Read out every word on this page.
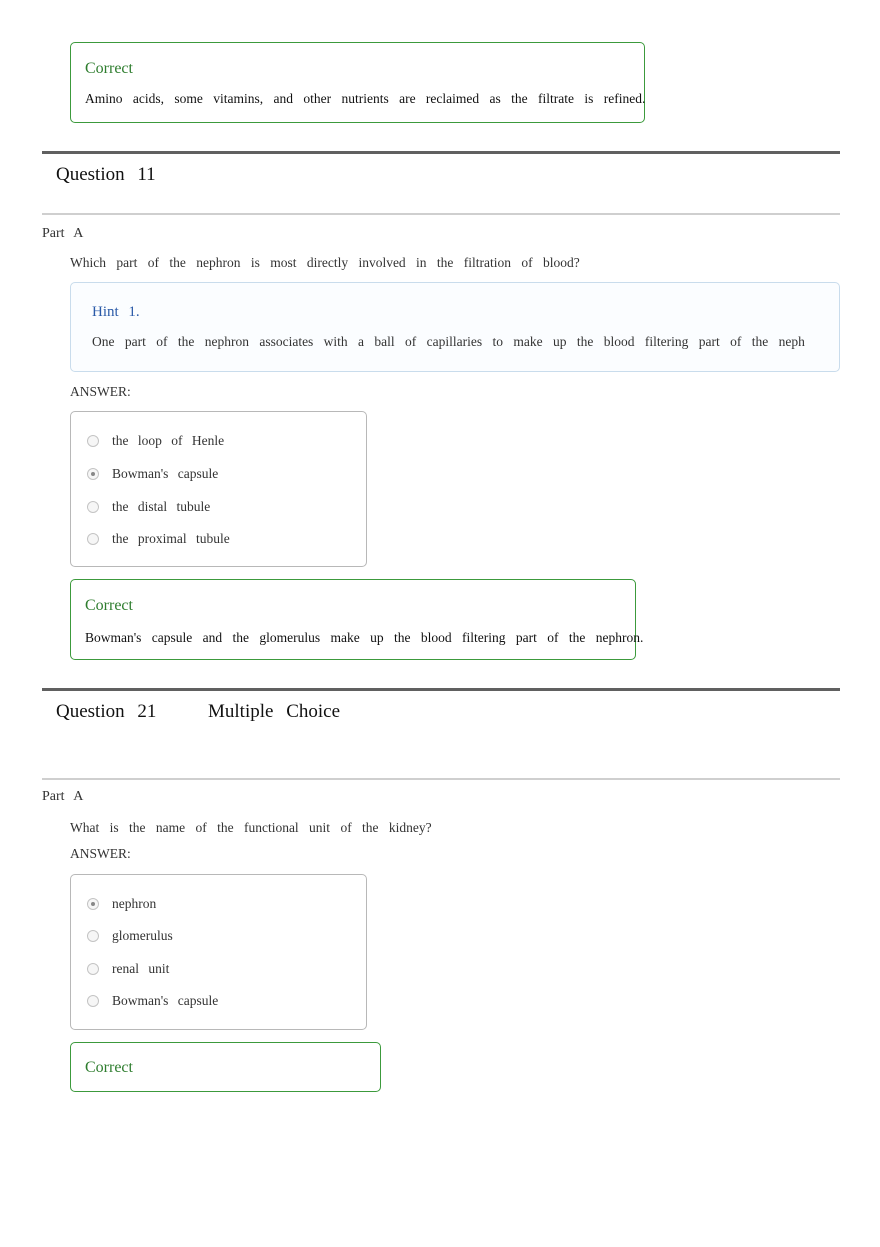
Correct
Amino acids, some vitamins, and other nutrients are reclaimed as the filtrate is refined.
Question 11
Part A
Which part of the nephron is most directly involved in the filtration of blood?
Hint 1.
One part of the nephron associates with a ball of capillaries to make up the blood filtering part of the neph
ANSWER:
the loop of Henle
Bowman's capsule
the distal tubule
the proximal tubule
Correct
Bowman's capsule and the glomerulus make up the blood filtering part of the nephron.
Question 21	Multiple Choice
Part A
What is the name of the functional unit of the kidney?
ANSWER:
nephron
glomerulus
renal unit
Bowman's capsule
Correct
